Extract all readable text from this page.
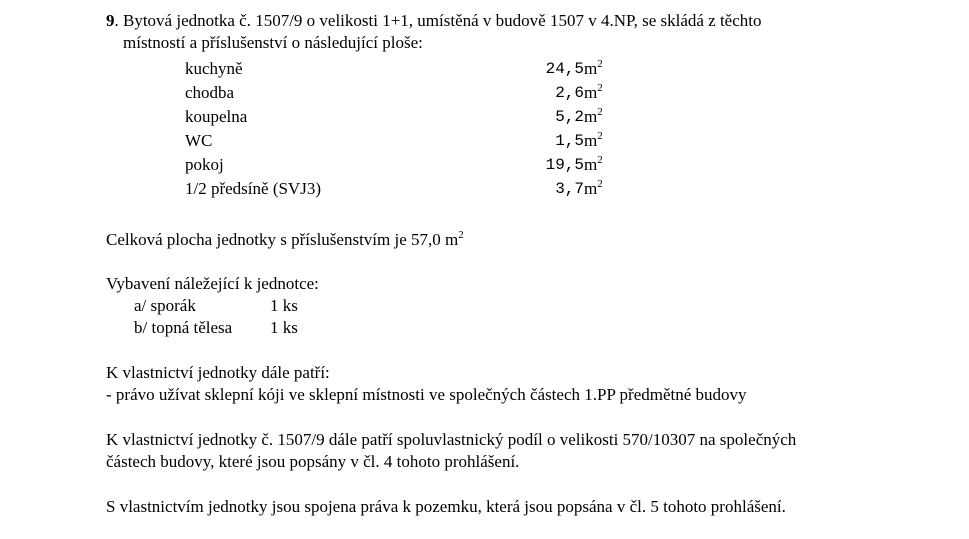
9. Bytová jednotka č. 1507/9 o velikosti 1+1, umístěná v budově 1507 v 4.NP, se skládá z těchto
místností a příslušenství o následující ploše:
kuchyně	24,5 $m^2$
chodba	2,6 $m^2$
koupelna	5,2 $m^2$
WC	1,5 $m^2$
pokoj	19,5 $m^2$
1/2 předsíně (SVJ3)	3,7 $m^2$
Celková plocha jednotky s příslušenstvím je 57,0 $m^2$
Vybavení náležející k jednotce:
a/ sporák	1 ks
b/ topná tělesa 1 ks
K vlastnictví jednotky dále patří:
- právo užívat sklepní kóji ve sklepní místnosti ve společných částech 1.PP předmětné budovy
K vlastnictví jednotky č. 1507/9 dále patří spoluvlastnický podíl o velikosti 570/10307 na společných
částech budovy, které jsou popsány v čl. 4 tohoto prohlášení.
S vlastnictvím jednotky jsou spojena práva k pozemku, která jsou popsána v čl. 5 tohoto prohlášení.
